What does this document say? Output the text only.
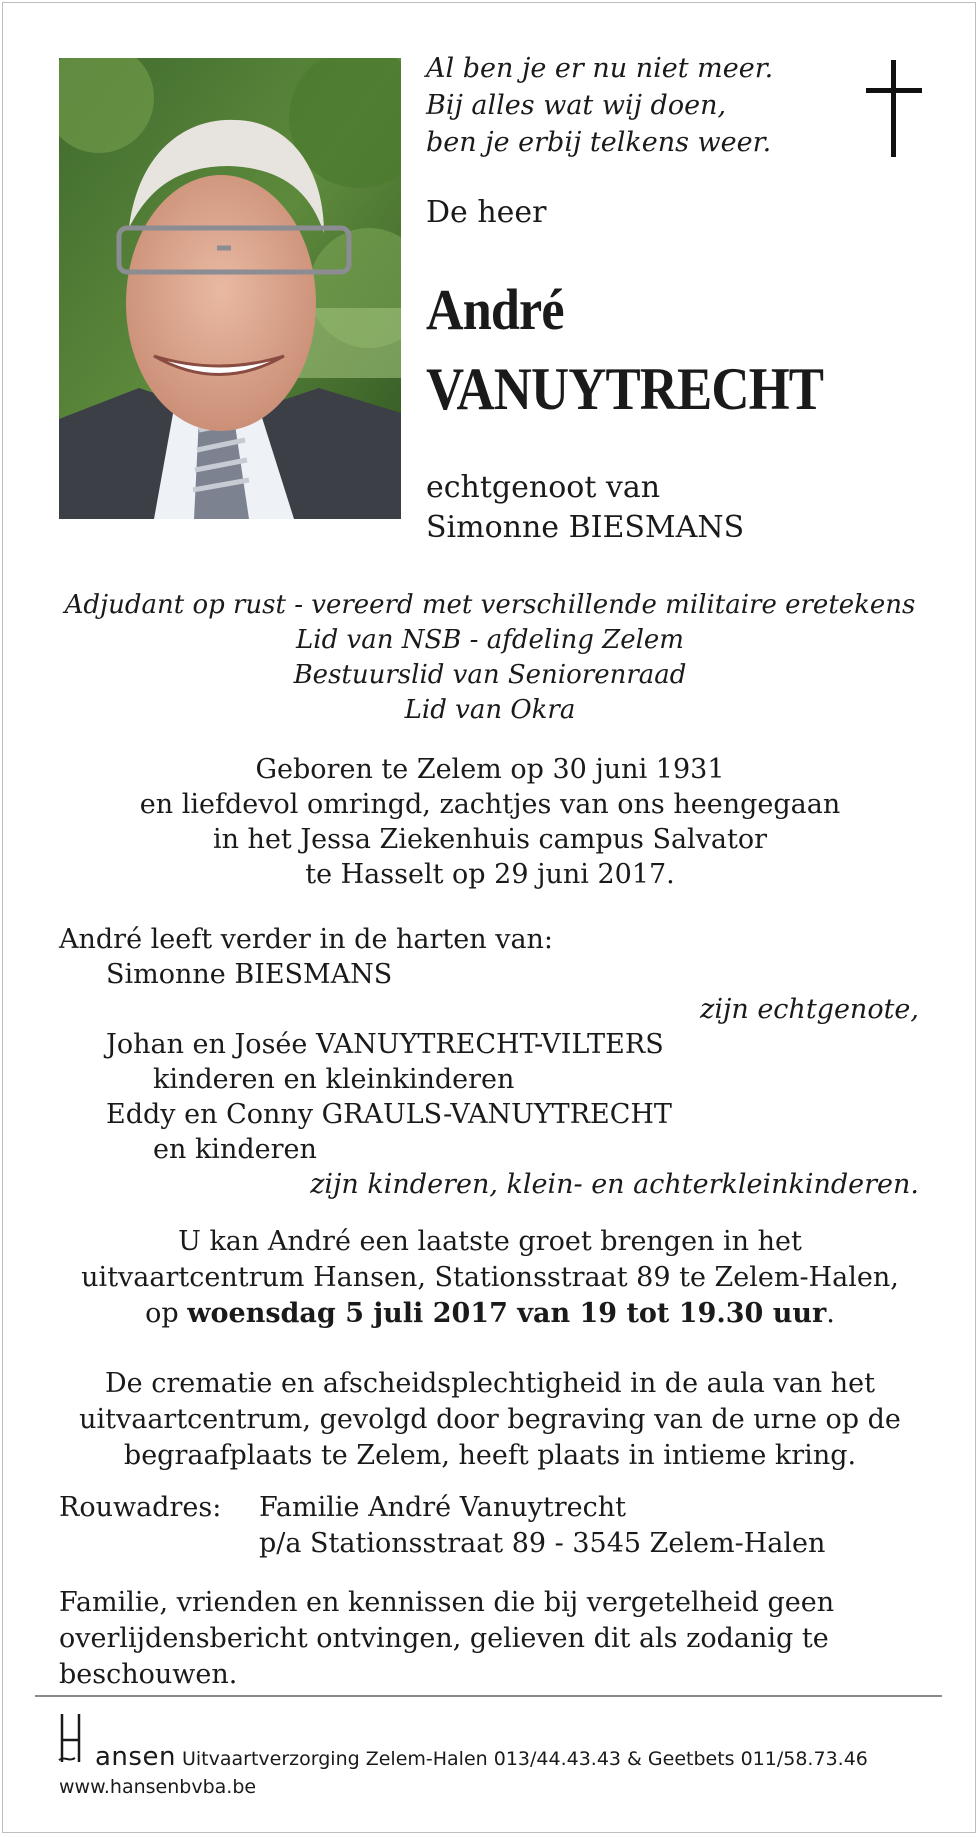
Al ben je er nu niet meer.
Bij alles wat wij doen,
ben je erbij telkens weer.
De heer
André
VANUYTRECHT
echtgenoot van
Simonne BIESMANS
Adjudant op rust - vereerd met verschillende militaire eretekens
Lid van NSB - afdeling Zelem
Bestuurslid van Seniorenraad
Lid van Okra
Geboren te Zelem op 30 juni 1931
en liefdevol omringd, zachtjes van ons heengegaan
in het Jessa Ziekenhuis campus Salvator
te Hasselt op 29 juni 2017.
André leeft verder in de harten van:
Simonne BIESMANS
zijn echtgenote,
Johan en Josée VANUYTRECHT-VILTERS
kinderen en kleinkinderen
Eddy en Conny GRAULS-VANUYTRECHT
en kinderen
zijn kinderen, klein- en achterkleinkinderen.
U kan André een laatste groet brengen in het
uitvaartcentrum Hansen, Stationsstraat 89 te Zelem-Halen,
op woensdag 5 juli 2017 van 19 tot 19.30 uur.
De crematie en afscheidsplechtigheid in de aula van het
uitvaartcentrum, gevolgd door begraving van de urne op de
begraafplaats te Zelem, heeft plaats in intieme kring.
Rouwadres: Familie André Vanuytrecht
p/a Stationsstraat 89 - 3545 Zelem-Halen
Familie, vrienden en kennissen die bij vergetelheid geen
overlijdensbericht ontvingen, gelieven dit als zodanig te
beschouwen.
ansen Uitvaartverzorging Zelem-Halen 013/44.43.43 & Geetbets 011/58.73.46
www.hansenbvba.be
